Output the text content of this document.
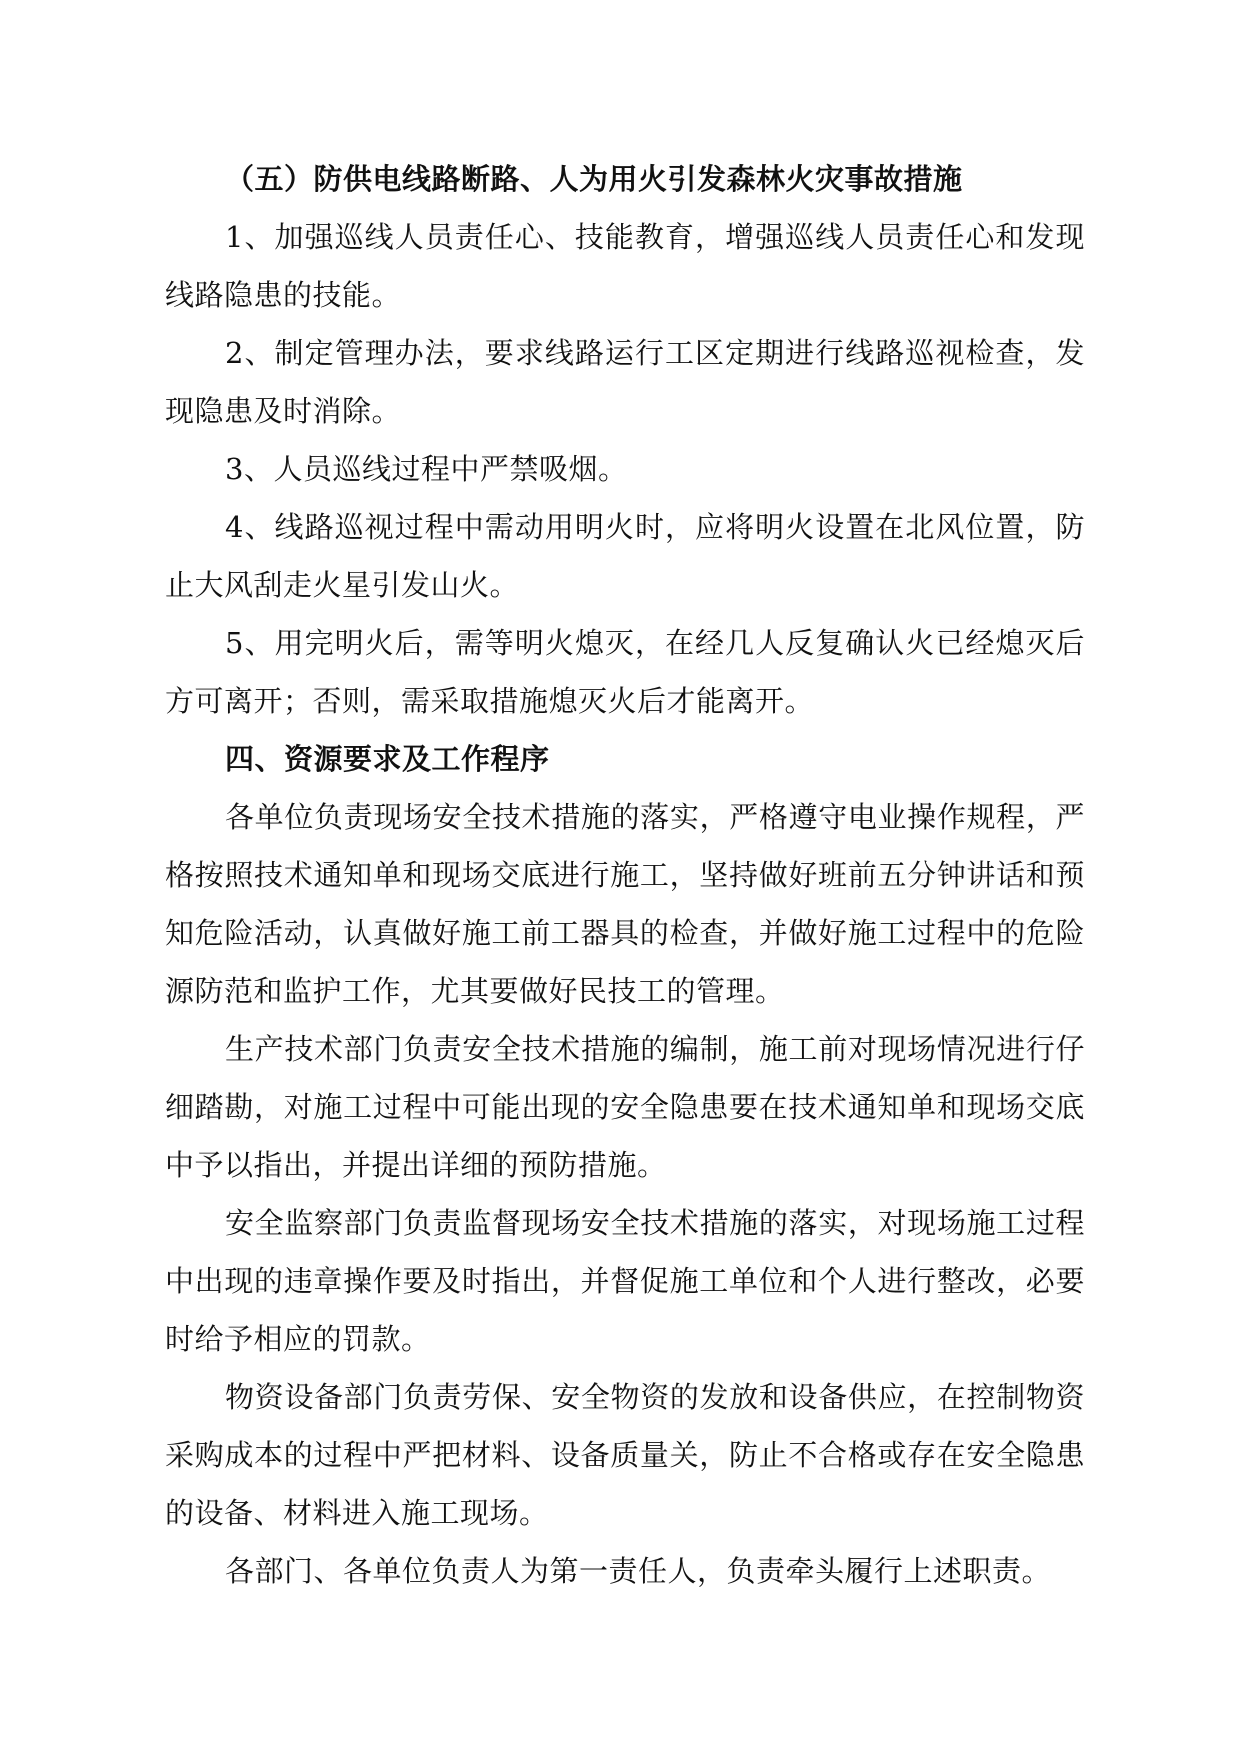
（五）防供电线路断路、人为用火引发森林火灾事故措施

1、加强巡线人员责任心、技能教育，增强巡线人员责任心和发现线路隐患的技能。

2、制定管理办法，要求线路运行工区定期进行线路巡视检查，发现隐患及时消除。

3、人员巡线过程中严禁吸烟。

4、线路巡视过程中需动用明火时，应将明火设置在北风位置，防止大风刮走火星引发山火。

5、用完明火后，需等明火熄灭，在经几人反复确认火已经熄灭后方可离开；否则，需采取措施熄灭火后才能离开。

四、资源要求及工作程序

各单位负责现场安全技术措施的落实，严格遵守电业操作规程，严格按照技术通知单和现场交底进行施工，坚持做好班前五分钟讲话和预知危险活动，认真做好施工前工器具的检查，并做好施工过程中的危险源防范和监护工作，尤其要做好民技工的管理。

生产技术部门负责安全技术措施的编制，施工前对现场情况进行仔细踏勘，对施工过程中可能出现的安全隐患要在技术通知单和现场交底中予以指出，并提出详细的预防措施。

安全监察部门负责监督现场安全技术措施的落实，对现场施工过程中出现的违章操作要及时指出，并督促施工单位和个人进行整改，必要时给予相应的罚款。

物资设备部门负责劳保、安全物资的发放和设备供应，在控制物资采购成本的过程中严把材料、设备质量关，防止不合格或存在安全隐患的设备、材料进入施工现场。

各部门、各单位负责人为第一责任人，负责牵头履行上述职责。
